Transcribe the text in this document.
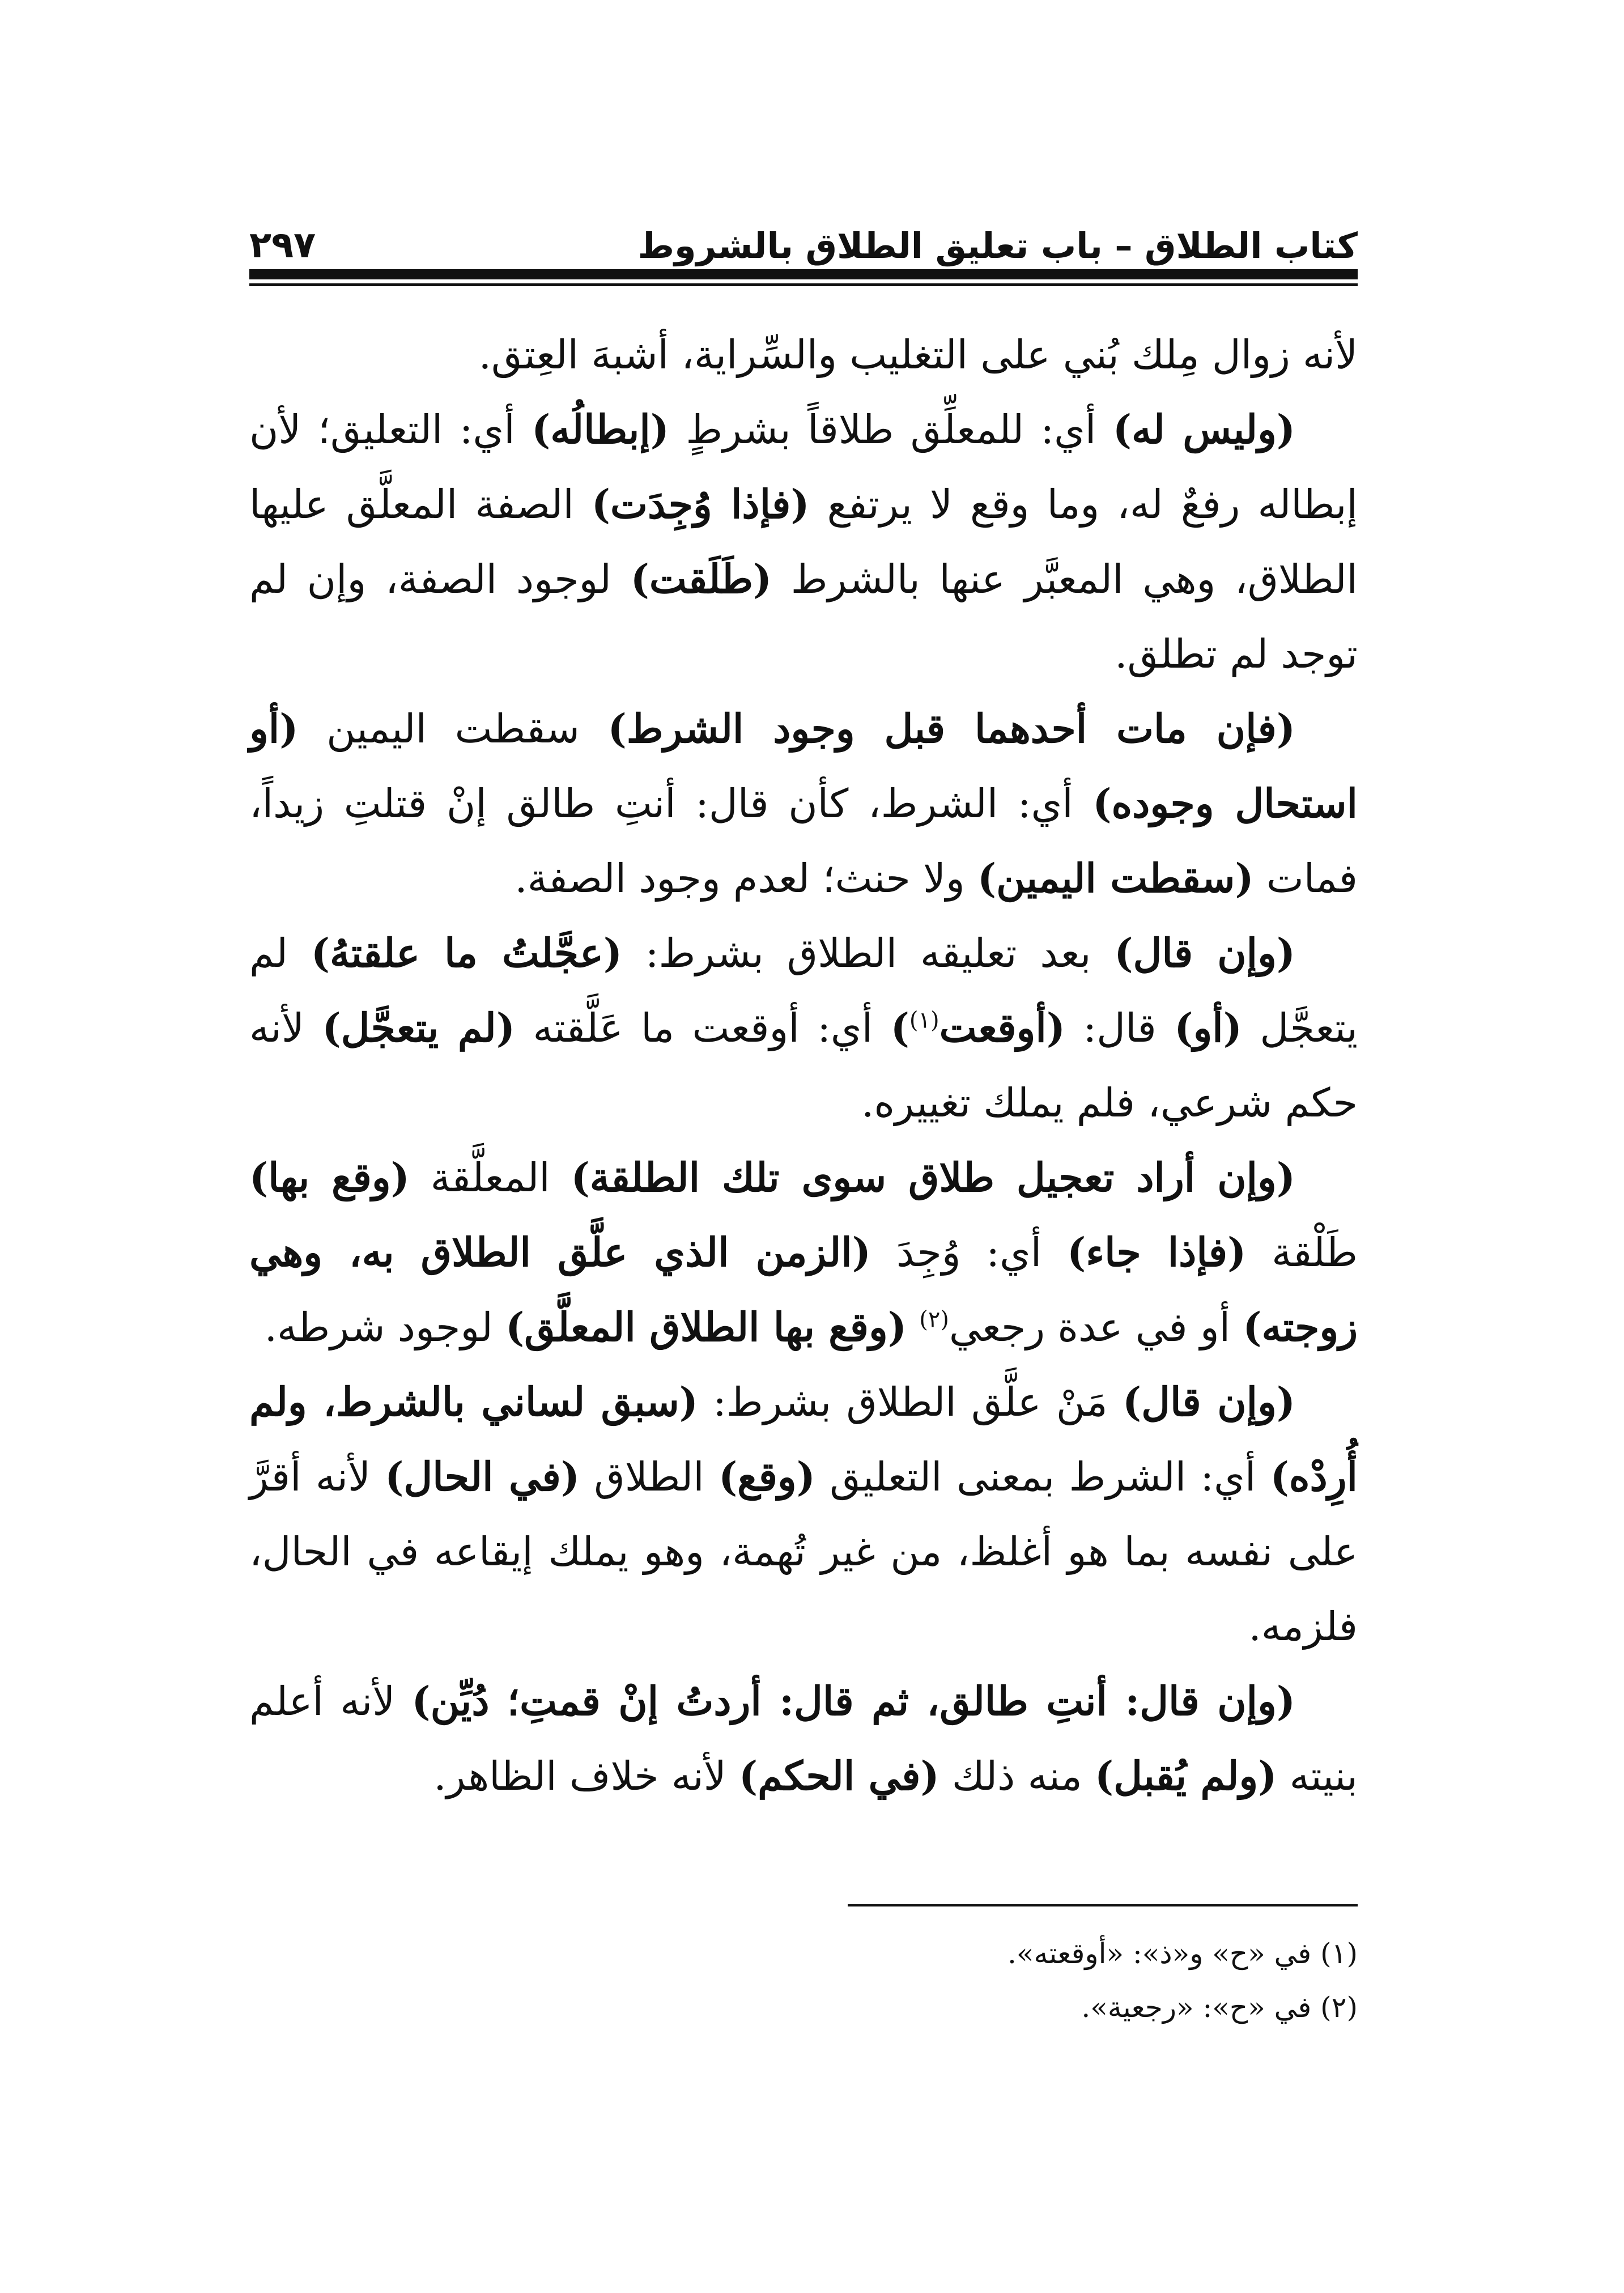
كتاب الطلاق – باب تعليق الطلاق بالشروط
٢٩٧

لأنه زوال مِلك بُني على التغليب والسِّراية، أشبهَ العِتق.

(وليس له) أي: للمعلِّق طلاقاً بشرطٍ (إبطالُه) أي: التعليق؛ لأن إبطاله رفعٌ له، وما وقع لا يرتفع (فإذا وُجِدَت) الصفة المعلَّق عليها الطلاق، وهي المعبَّر عنها بالشرط (طَلَقت) لوجود الصفة، وإن لم توجد لم تطلق.

(فإن مات أحدهما قبل وجود الشرط) سقطت اليمين (أو استحال وجوده) أي: الشرط، كأن قال: أنتِ طالق إنْ قتلتِ زيداً، فمات (سقطت اليمين) ولا حنث؛ لعدم وجود الصفة.

(وإن قال) بعد تعليقه الطلاق بشرط: (عجَّلتُ ما علقتهُ) لم يتعجَّل (أو) قال: (أوقعت$^{(١)}$) أي: أوقعت ما عَلَّقته (لم يتعجَّل) لأنه حكم شرعي، فلم يملك تغييره.

(وإن أراد تعجيل طلاق سوى تلك الطلقة) المعلَّقة (وقع بها) طَلْقة (فإذا جاء) أي: وُجِدَ (الزمن الذي علَّق الطلاق به، وهي زوجته) أو في عدة رجعي$^{(٢)}$ (وقع بها الطلاق المعلَّق) لوجود شرطه.

(وإن قال) مَنْ علَّق الطلاق بشرط: (سبق لساني بالشرط، ولم أُرِدْه) أي: الشرط بمعنى التعليق (وقع) الطلاق (في الحال) لأنه أقرَّ على نفسه بما هو أغلظ، من غير تُهمة، وهو يملك إيقاعه في الحال، فلزمه.

(وإن قال: أنتِ طالق، ثم قال: أردتُ إنْ قمتِ؛ دُيِّن) لأنه أعلم بنيته (ولم يُقبل) منه ذلك (في الحكم) لأنه خلاف الظاهر.

(١) في «ح» و«ذ»: «أوقعته».

(٢) في «ح»: «رجعية».
